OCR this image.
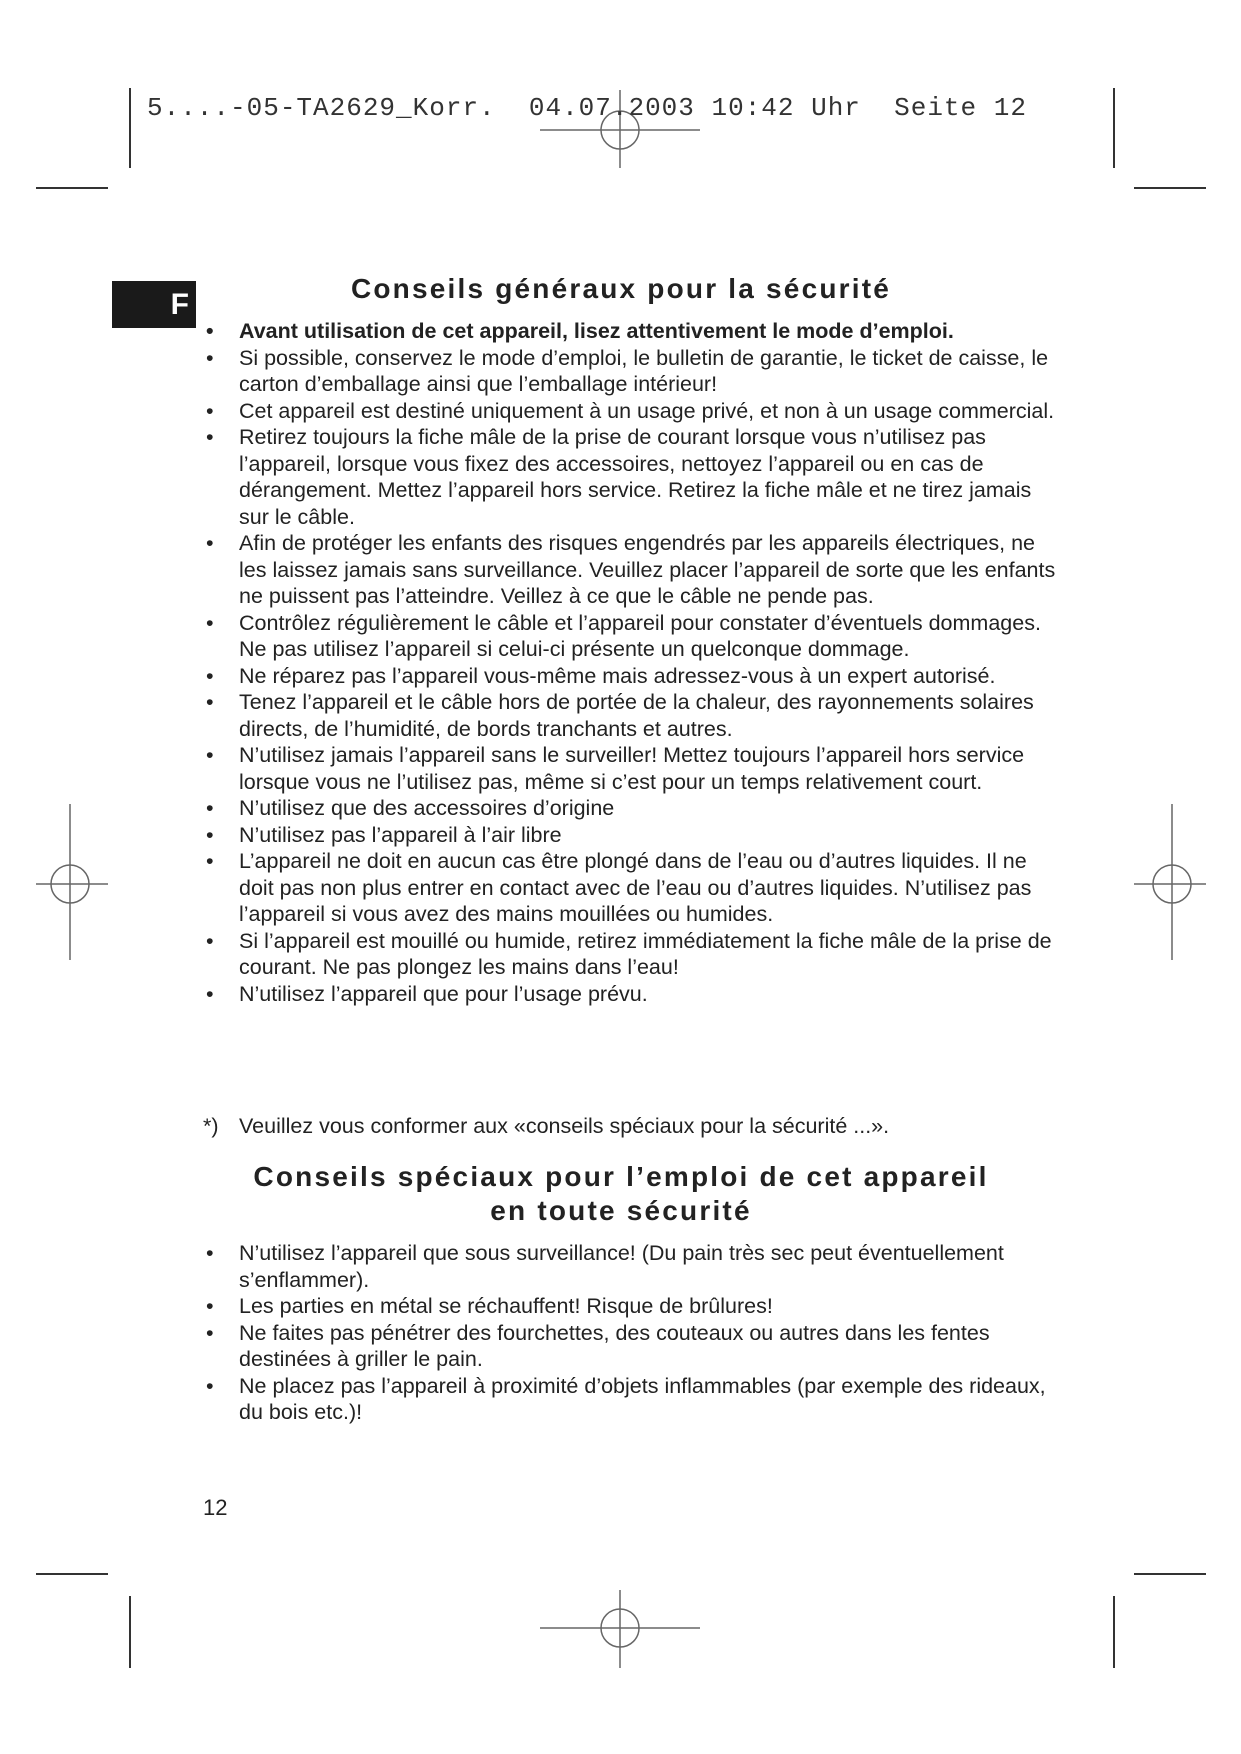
5....-05-TA2629_Korr.  04.07.2003 10:42 Uhr  Seite 12
F	Conseils généraux pour la sécurité
• Avant utilisation de cet appareil, lisez attentivement le mode d’emploi.
• Si possible, conservez le mode d’emploi, le bulletin de garantie, le ticket de caisse, le carton d’emballage ainsi que l’emballage intérieur!
• Cet appareil est destiné uniquement à un usage privé, et non à un usage commercial.
• Retirez toujours la fiche mâle de la prise de courant lorsque vous n’utilisez pas l’appareil, lorsque vous fixez des accessoires, nettoyez l’appareil ou en cas de dérangement. Mettez l’appareil hors service. Retirez la fiche mâle et ne tirez jamais sur le câble.
• Afin de protéger les enfants des risques engendrés par les appareils électriques, ne les laissez jamais sans surveillance. Veuillez placer l’appareil de sorte que les enfants ne puissent pas l’atteindre. Veillez à ce que le câble ne pende pas.
• Contrôlez régulièrement le câble et l’appareil pour constater d’éventuels dommages. Ne pas utilisez l’appareil si celui-ci présente un quelconque dommage.
• Ne réparez pas l’appareil vous-même mais adressez-vous à un expert autorisé.
• Tenez l’appareil et le câble hors de portée de la chaleur, des rayonnements solaires directs, de l’humidité, de bords tranchants et autres.
• N’utilisez jamais l’appareil sans le surveiller! Mettez toujours l’appareil hors service lorsque vous ne l’utilisez pas, même si c’est pour un temps relativement court.
• N’utilisez que des accessoires d’origine
• N’utilisez pas l’appareil à l’air libre
• L’appareil ne doit en aucun cas être plongé dans de l’eau ou d’autres liquides. Il ne doit pas non plus entrer en contact avec de l’eau ou d’autres liquides. N’utilisez pas l’appareil si vous avez des mains mouillées ou humides.
• Si l’appareil est mouillé ou humide, retirez immédiatement la fiche mâle de la prise de courant. Ne pas plongez les mains dans l’eau!
• N’utilisez l’appareil que pour l’usage prévu.
*) Veuillez vous conformer aux «conseils spéciaux pour la sécurité ...».
Conseils spéciaux pour l’emploi de cet appareil
en toute sécurité
• N’utilisez l’appareil que sous surveillance! (Du pain très sec peut éventuellement s’enflammer).
• Les parties en métal se réchauffent! Risque de brûlures!
• Ne faites pas pénétrer des fourchettes, des couteaux ou autres dans les fentes destinées à griller le pain.
• Ne placez pas l’appareil à proximité d’objets inflammables (par exemple des rideaux, du bois etc.)!
12
